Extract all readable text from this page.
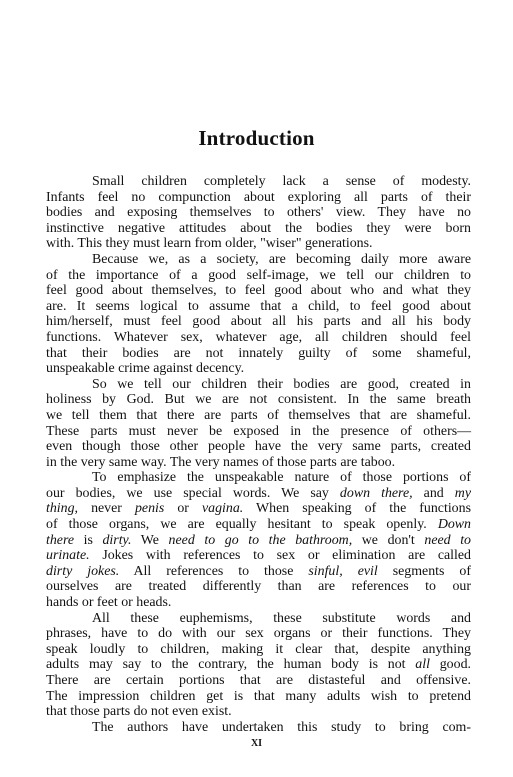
Introduction
Small children completely lack a sense of modesty.
Infants feel no compunction about exploring all parts of their
bodies and exposing themselves to others' view. They have no
instinctive negative attitudes about the bodies they were born
with. This they must learn from older, "wiser" generations.
Because we, as a society, are becoming daily more aware
of the importance of a good self-image, we tell our children to
feel good about themselves, to feel good about who and what they
are. It seems logical to assume that a child, to feel good about
him/herself, must feel good about all his parts and all his body
functions. Whatever sex, whatever age, all children should feel
that their bodies are not innately guilty of some shameful,
unspeakable crime against decency.
So we tell our children their bodies are good, created in
holiness by God. But we are not consistent. In the same breath
we tell them that there are parts of themselves that are shameful.
These parts must never be exposed in the presence of others—
even though those other people have the very same parts, created
in the very same way. The very names of those parts are taboo.
To emphasize the unspeakable nature of those portions of
our bodies, we use special words. We say down there, and my
thing, never penis or vagina. When speaking of the functions
of those organs, we are equally hesitant to speak openly. Down
there is dirty. We need to go to the bathroom, we don't need to
urinate. Jokes with references to sex or elimination are called
dirty jokes. All references to those sinful, evil segments of
ourselves are treated differently than are references to our
hands or feet or heads.
All these euphemisms, these substitute words and
phrases, have to do with our sex organs or their functions. They
speak loudly to children, making it clear that, despite anything
adults may say to the contrary, the human body is not all good.
There are certain portions that are distasteful and offensive.
The impression children get is that many adults wish to pretend
that those parts do not even exist.
The authors have undertaken this study to bring com-
XI
